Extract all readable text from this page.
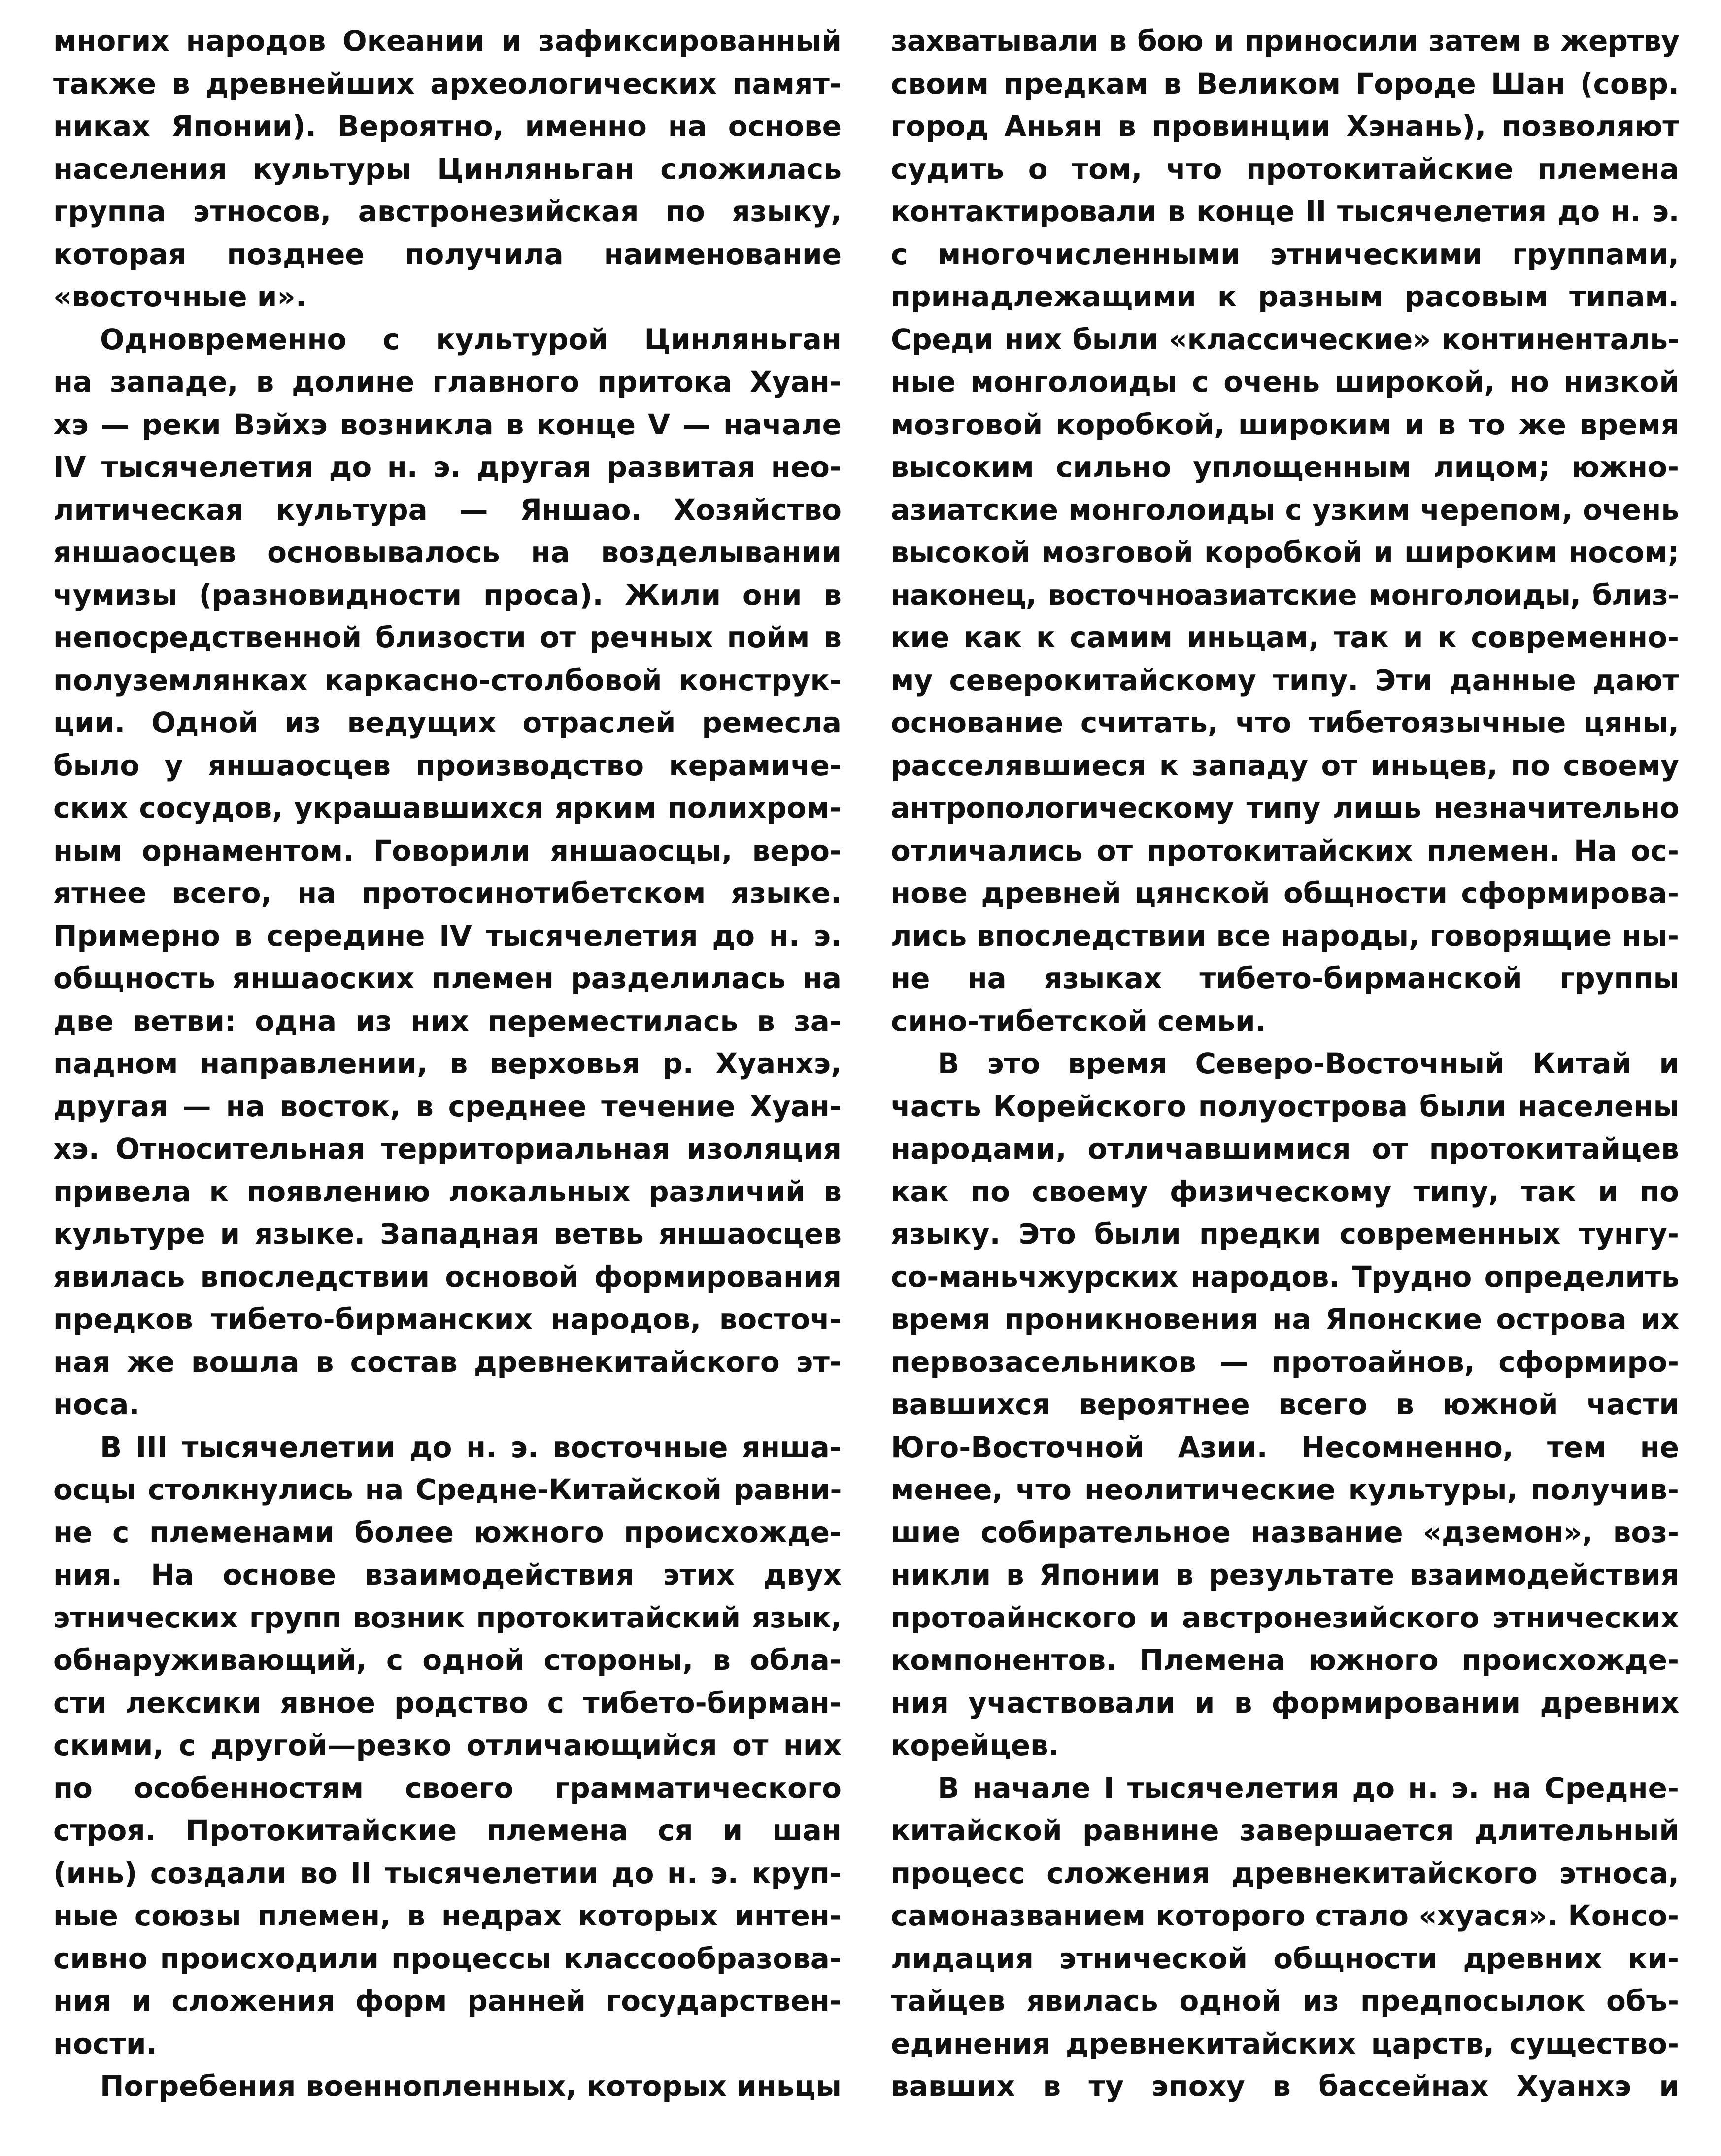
многих народов Океании и зафиксированный
также в древнейших археологических памят-
никах Японии). Вероятно, именно на основе
населения культуры Цинляньган сложилась
группа этносов, австронезийская по языку,
которая позднее получила наименование
«восточные и».
Одновременно с культурой Цинляньган
на западе, в долине главного притока Хуан-
хэ — реки Вэйхэ возникла в конце V — начале
IV тысячелетия до н. э. другая развитая нео-
литическая культура — Яншао. Хозяйство
яншаосцев основывалось на возделывании
чумизы (разновидности проса). Жили они в
непосредственной близости от речных пойм в
полуземлянках каркасно-столбовой конструк-
ции. Одной из ведущих отраслей ремесла
было у яншаосцев производство керамиче-
ских сосудов, украшавшихся ярким полихром-
ным орнаментом. Говорили яншаосцы, веро-
ятнее всего, на протосинотибетском языке.
Примерно в середине IV тысячелетия до н. э.
общность яншаоских племен разделилась на
две ветви: одна из них переместилась в за-
падном направлении, в верховья р. Хуанхэ,
другая — на восток, в среднее течение Хуан-
хэ. Относительная территориальная изоляция
привела к появлению локальных различий в
культуре и языке. Западная ветвь яншаосцев
явилась впоследствии основой формирования
предков тибето-бирманских народов, восточ-
ная же вошла в состав древнекитайского эт-
носа.
В III тысячелетии до н. э. восточные янша-
осцы столкнулись на Средне-Китайской равни-
не с племенами более южного происхожде-
ния. На основе взаимодействия этих двух
этнических групп возник протокитайский язык,
обнаруживающий, с одной стороны, в обла-
сти лексики явное родство с тибето-бирман-
скими, с другой—резко отличающийся от них
по особенностям своего грамматического
строя. Протокитайские племена ся и шан
(инь) создали во II тысячелетии до н. э. круп-
ные союзы племен, в недрах которых интен-
сивно происходили процессы классообразова-
ния и сложения форм ранней государствен-
ности.
Погребения военнопленных, которых иньцы
захватывали в бою и приносили затем в жертву
своим предкам в Великом Городе Шан (совр.
город Аньян в провинции Хэнань), позволяют
судить о том, что протокитайские племена
контактировали в конце II тысячелетия до н. э.
с многочисленными этническими группами,
принадлежащими к разным расовым типам.
Среди них были «классические» континенталь-
ные монголоиды с очень широкой, но низкой
мозговой коробкой, широким и в то же время
высоким сильно уплощенным лицом; южно-
азиатские монголоиды с узким черепом, очень
высокой мозговой коробкой и широким носом;
наконец, восточноазиатские монголоиды, близ-
кие как к самим иньцам, так и к современно-
му северокитайскому типу. Эти данные дают
основание считать, что тибетоязычные цяны,
расселявшиеся к западу от иньцев, по своему
антропологическому типу лишь незначительно
отличались от протокитайских племен. На ос-
нове древней цянской общности сформирова-
лись впоследствии все народы, говорящие ны-
не на языках тибето-бирманской группы
сино-тибетской семьи.
В это время Северо-Восточный Китай и
часть Корейского полуострова были населены
народами, отличавшимися от протокитайцев
как по своему физическому типу, так и по
языку. Это были предки современных тунгу-
со-маньчжурских народов. Трудно определить
время проникновения на Японские острова их
первозасельников — протоайнов, сформиро-
вавшихся вероятнее всего в южной части
Юго-Восточной Азии. Несомненно, тем не
менее, что неолитические культуры, получив-
шие собирательное название «дземон», воз-
никли в Японии в результате взаимодействия
протоайнского и австронезийского этнических
компонентов. Племена южного происхожде-
ния участвовали и в формировании древних
корейцев.
В начале I тысячелетия до н. э. на Средне-
китайской равнине завершается длительный
процесс сложения древнекитайского этноса,
самоназванием которого стало «хуася». Консо-
лидация этнической общности древних ки-
тайцев явилась одной из предпосылок объ-
единения древнекитайских царств, существо-
вавших в ту эпоху в бассейнах Хуанхэ и
